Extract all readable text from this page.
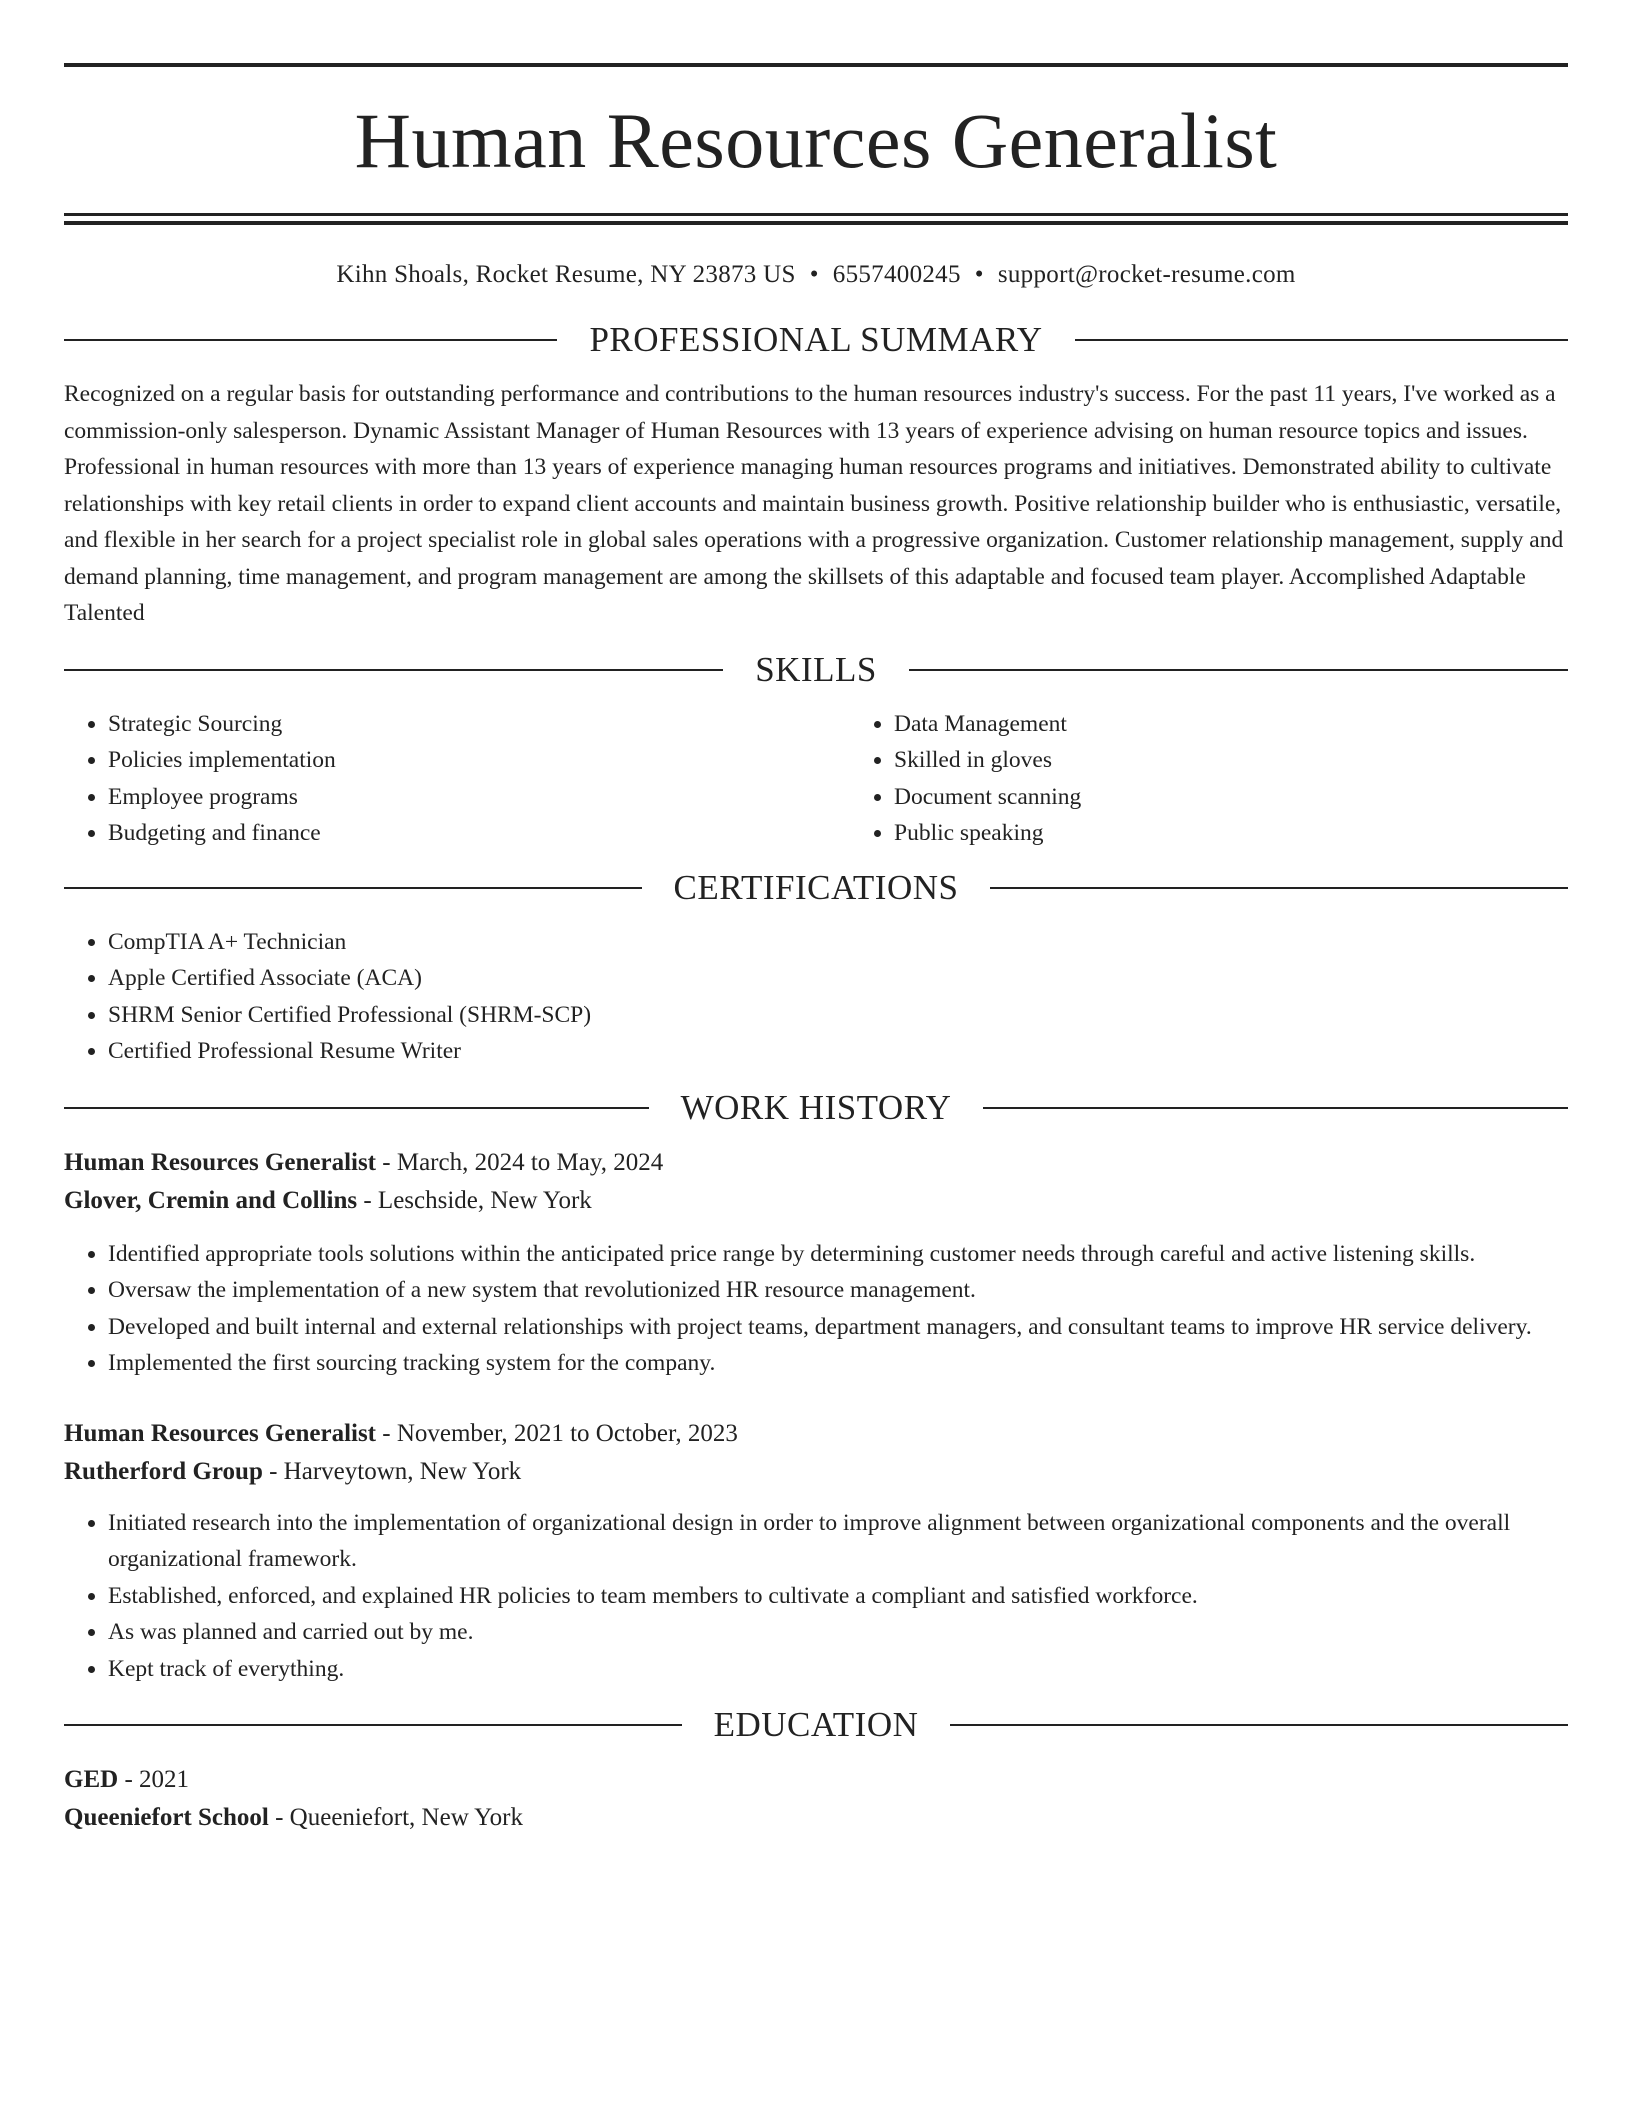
Human Resources Generalist
Kihn Shoals, Rocket Resume, NY 23873 US • 6557400245 • support@rocket-resume.com
PROFESSIONAL SUMMARY

Recognized on a regular basis for outstanding performance and contributions to the human resources industry's success. For the past 11 years, I've worked as a commission-only salesperson. Dynamic Assistant Manager of Human Resources with 13 years of experience advising on human resource topics and issues. Professional in human resources with more than 13 years of experience managing human resources programs and initiatives. Demonstrated ability to cultivate relationships with key retail clients in order to expand client accounts and maintain business growth. Positive relationship builder who is enthusiastic, versatile, and flexible in her search for a project specialist role in global sales operations with a progressive organization. Customer relationship management, supply and demand planning, time management, and program management are among the skillsets of this adaptable and focused team player. Accomplished Adaptable Talented

SKILLS
• Strategic Sourcing
• Policies implementation
• Employee programs
• Budgeting and finance
• Data Management
• Skilled in gloves
• Document scanning
• Public speaking
CERTIFICATIONS
• CompTIA A+ Technician
• Apple Certified Associate (ACA)
• SHRM Senior Certified Professional (SHRM-SCP)
• Certified Professional Resume Writer
WORK HISTORY
Human Resources Generalist - March, 2024 to May, 2024
Glover, Cremin and Collins - Leschside, New York
• Identified appropriate tools solutions within the anticipated price range by determining customer needs through careful and active listening skills.
• Oversaw the implementation of a new system that revolutionized HR resource management.
• Developed and built internal and external relationships with project teams, department managers, and consultant teams to improve HR service delivery.
• Implemented the first sourcing tracking system for the company.
Human Resources Generalist - November, 2021 to October, 2023
Rutherford Group - Harveytown, New York
• Initiated research into the implementation of organizational design in order to improve alignment between organizational components and the overall organizational framework.
• Established, enforced, and explained HR policies to team members to cultivate a compliant and satisfied workforce.
• As was planned and carried out by me.
• Kept track of everything.
EDUCATION
GED - 2021
Queeniefort School - Queeniefort, New York
